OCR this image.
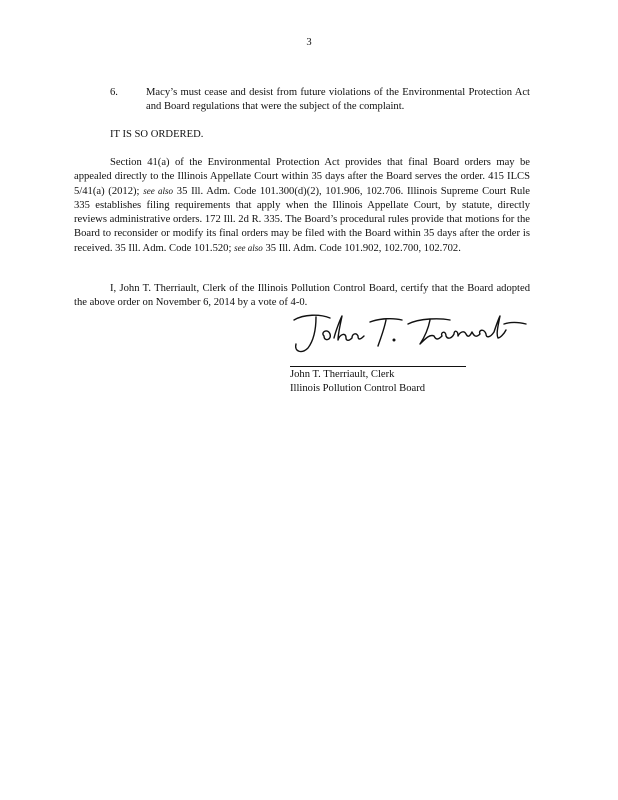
3
6.	Macy’s must cease and desist from future violations of the Environmental Protection Act and Board regulations that were the subject of the complaint.
IT IS SO ORDERED.
Section 41(a) of the Environmental Protection Act provides that final Board orders may be appealed directly to the Illinois Appellate Court within 35 days after the Board serves the order. 415 ILCS 5/41(a) (2012); see also 35 Ill. Adm. Code 101.300(d)(2), 101.906, 102.706. Illinois Supreme Court Rule 335 establishes filing requirements that apply when the Illinois Appellate Court, by statute, directly reviews administrative orders. 172 Ill. 2d R. 335. The Board’s procedural rules provide that motions for the Board to reconsider or modify its final orders may be filed with the Board within 35 days after the order is received. 35 Ill. Adm. Code 101.520; see also 35 Ill. Adm. Code 101.902, 102.700, 102.702.
I, John T. Therriault, Clerk of the Illinois Pollution Control Board, certify that the Board adopted the above order on November 6, 2014 by a vote of 4-0.
John T. Therriault, Clerk
Illinois Pollution Control Board
